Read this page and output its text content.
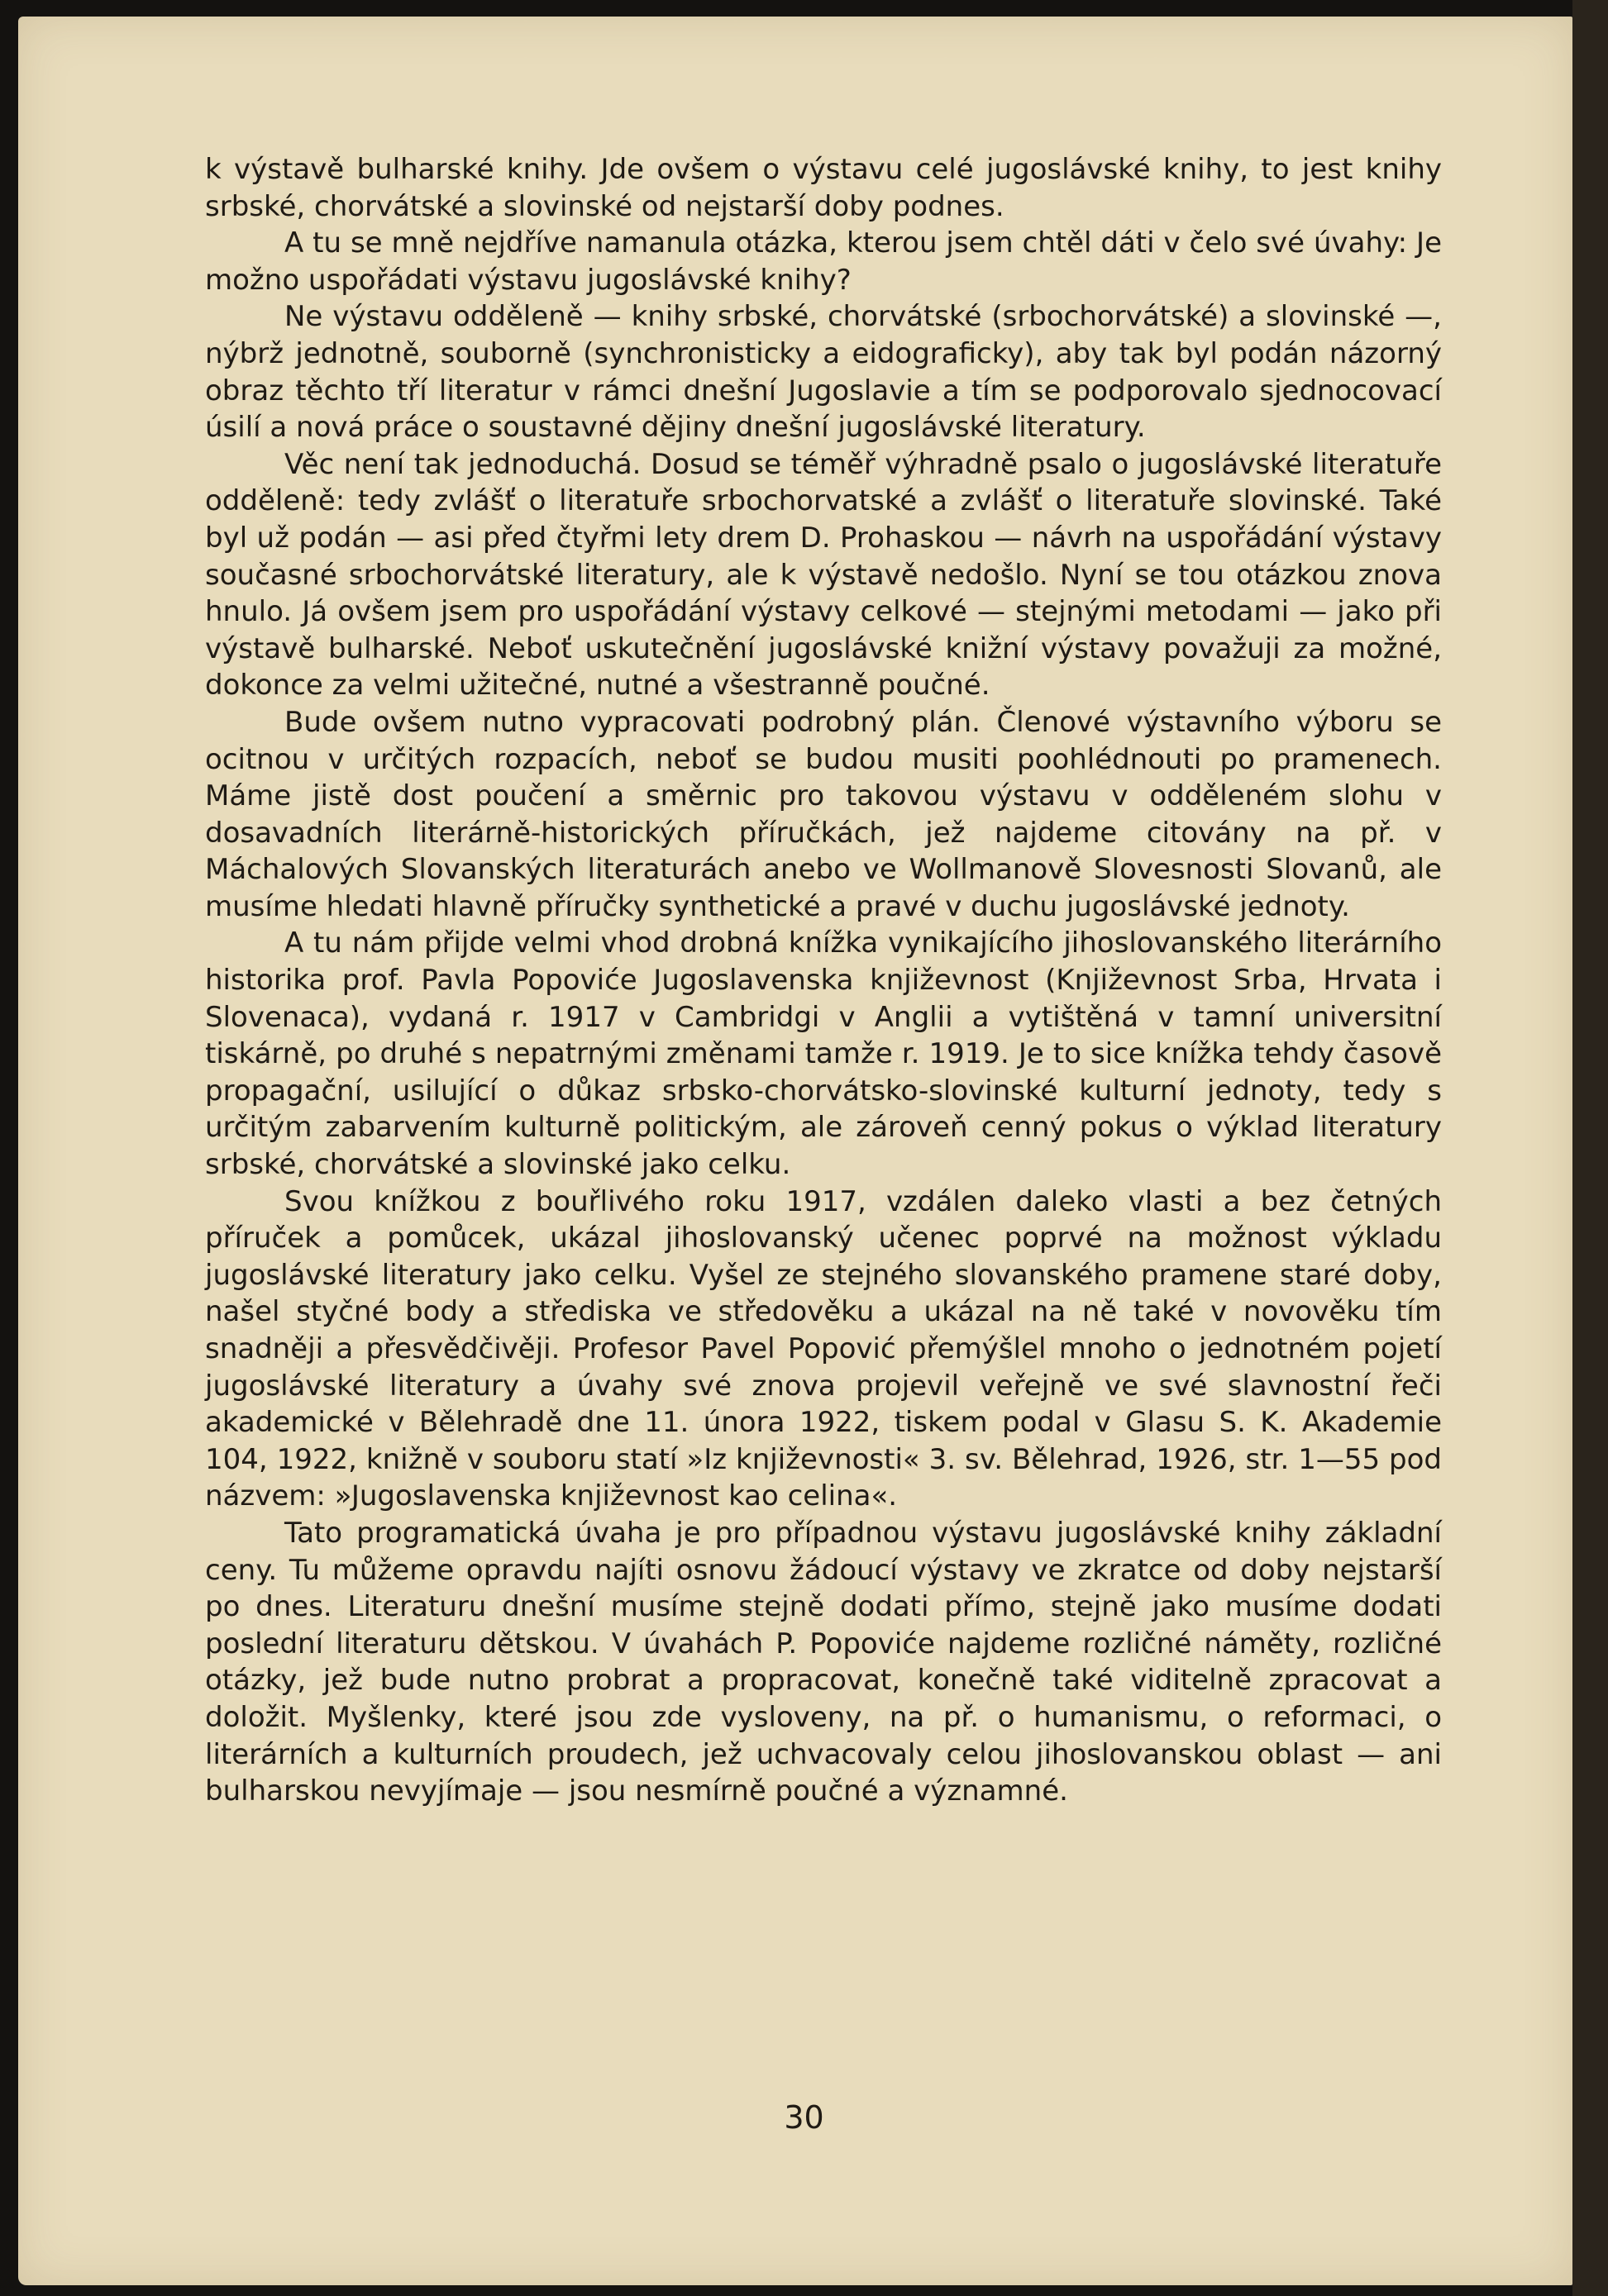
k výstavě bulharské knihy. Jde ovšem o výstavu celé jugoslávské knihy, to jest knihy srbské, chorvátské a slovinské od nejstarší doby podnes.

A tu se mně nejdříve namanula otázka, kterou jsem chtěl dáti v čelo své úvahy: Je možno uspořádati výstavu jugoslávské knihy?

Ne výstavu odděleně — knihy srbské, chorvátské (srbochorvátské) a slovinské —, nýbrž jednotně, souborně (synchronisticky a eidograficky), aby tak byl podán názorný obraz těchto tří literatur v rámci dnešní Jugoslavie a tím se podporovalo sjednocovací úsilí a nová práce o soustavné dějiny dnešní jugoslávské literatury.

Věc není tak jednoduchá. Dosud se téměř výhradně psalo o jugoslávské literatuře odděleně: tedy zvlášť o literatuře srbochorvatské a zvlášť o literatuře slovinské. Také byl už podán — asi před čtyřmi lety drem D. Prohaskou — návrh na uspořádání výstavy současné srbochorvátské literatury, ale k výstavě nedošlo. Nyní se tou otázkou znova hnulo. Já ovšem jsem pro uspořádání výstavy celkové — stejnými metodami — jako při výstavě bulharské. Neboť uskutečnění jugoslávské knižní výstavy považuji za možné, dokonce za velmi užitečné, nutné a všestranně poučné.

Bude ovšem nutno vypracovati podrobný plán. Členové výstavního výboru se ocitnou v určitých rozpacích, neboť se budou musiti poohlédnouti po pramenech. Máme jistě dost poučení a směrnic pro takovou výstavu v odděleném slohu v dosavadních literárně-historických příručkách, jež najdeme citovány na př. v Máchalových Slovanských literaturách anebo ve Wollmanově Slovesnosti Slovanů, ale musíme hledati hlavně příručky synthetické a pravé v duchu jugoslávské jednoty.

A tu nám přijde velmi vhod drobná knížka vynikajícího jihoslovanského literárního historika prof. Pavla Popoviće Jugoslavenska književnost (Književnost Srba, Hrvata i Slovenaca), vydaná r. 1917 v Cambridgi v Anglii a vytištěná v tamní universitní tiskárně, po druhé s nepatrnými změnami tamže r. 1919. Je to sice knížka tehdy časově propagační, usilující o důkaz srbsko-chorvátsko-slovinské kulturní jednoty, tedy s určitým zabarvením kulturně politickým, ale zároveň cenný pokus o výklad literatury srbské, chorvátské a slovinské jako celku.

Svou knížkou z bouřlivého roku 1917, vzdálen daleko vlasti a bez četných příruček a pomůcek, ukázal jihoslovanský učenec poprvé na možnost výkladu jugoslávské literatury jako celku. Vyšel ze stejného slovanského pramene staré doby, našel styčné body a střediska ve středověku a ukázal na ně také v novověku tím snadněji a přesvědčivěji. Profesor Pavel Popović přemýšlel mnoho o jednotném pojetí jugoslávské literatury a úvahy své znova projevil veřejně ve své slavnostní řeči akademické v Bělehradě dne 11. února 1922, tiskem podal v Glasu S. K. Akademie 104, 1922, knižně v souboru statí »Iz književnosti« 3. sv. Bělehrad, 1926, str. 1—55 pod názvem: »Jugoslavenska književnost kao celina«.

Tato programatická úvaha je pro případnou výstavu jugoslávské knihy základní ceny. Tu můžeme opravdu najíti osnovu žádoucí výstavy ve zkratce od doby nejstarší po dnes. Literaturu dnešní musíme stejně dodati přímo, stejně jako musíme dodati poslední literaturu dětskou. V úvahách P. Popoviće najdeme rozličné náměty, rozličné otázky, jež bude nutno probrat a propracovat, konečně také viditelně zpracovat a doložit. Myšlenky, které jsou zde vysloveny, na př. o humanismu, o reformaci, o literárních a kulturních proudech, jež uchvacovaly celou jihoslovanskou oblast — ani bulharskou nevyjímaje — jsou nesmírně poučné a významné.

30
